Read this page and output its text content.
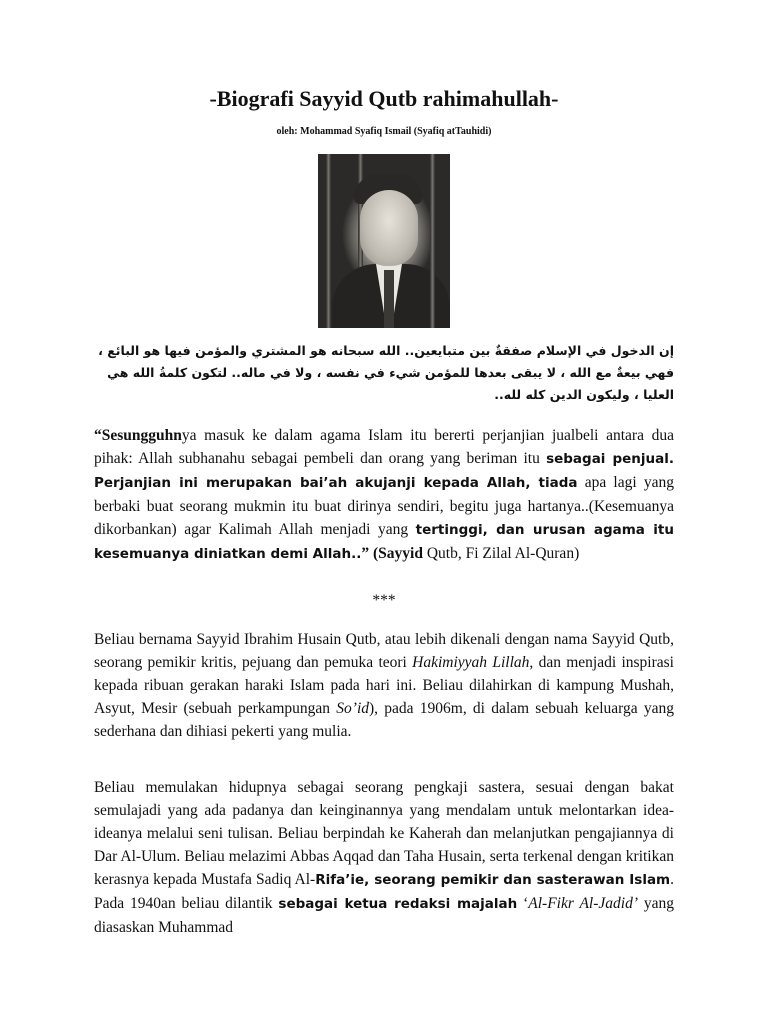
-Biografi Sayyid Qutb rahimahullah-

oleh: Mohammad Syafiq Ismail (Syafiq atTauhidi)

إن الدخول في الإسلام صفقةٌ بين متبايعين.. الله سبحانه هو المشتري والمؤمن فيها هو البائع ، فهي بيعةٌ مع الله ، لا يبقى بعدها للمؤمن شيء في نفسه ، ولا في ماله.. لتكون كلمةُ الله هي العليا ، وليكون الدين كله لله..

“Sesungguhnya masuk ke dalam agama Islam itu bererti perjanjian jualbeli antara dua pihak: Allah subhanahu sebagai pembeli dan orang yang beriman itu sebagai penjual. Perjanjian ini merupakan bai’ah akujanji kepada Allah, tiada apa lagi yang berbaki buat seorang mukmin itu buat dirinya sendiri, begitu juga hartanya..(Kesemuanya dikorbankan) agar Kalimah Allah menjadi yang tertinggi, dan urusan agama itu kesemuanya diniatkan demi Allah..” (Sayyid Qutb, Fi Zilal Al-Quran)

***

Beliau bernama Sayyid Ibrahim Husain Qutb, atau lebih dikenali dengan nama Sayyid Qutb, seorang pemikir kritis, pejuang dan pemuka teori Hakimiyyah Lillah, dan menjadi inspirasi kepada ribuan gerakan haraki Islam pada hari ini. Beliau dilahirkan di kampung Mushah, Asyut, Mesir (sebuah perkampungan So’id), pada 1906m, di dalam sebuah keluarga yang sederhana dan dihiasi pekerti yang mulia.

Beliau memulakan hidupnya sebagai seorang pengkaji sastera, sesuai dengan bakat semulajadi yang ada padanya dan keinginannya yang mendalam untuk melontarkan idea-ideanya melalui seni tulisan. Beliau berpindah ke Kaherah dan melanjutkan pengajiannya di Dar Al-Ulum. Beliau melazimi Abbas Aqqad dan Taha Husain, serta terkenal dengan kritikan kerasnya kepada Mustafa Sadiq Al-Rifa’ie, seorang pemikir dan sasterawan Islam. Pada 1940an beliau dilantik sebagai ketua redaksi majalah ‘Al-Fikr Al-Jadid’ yang diasaskan Muhammad
